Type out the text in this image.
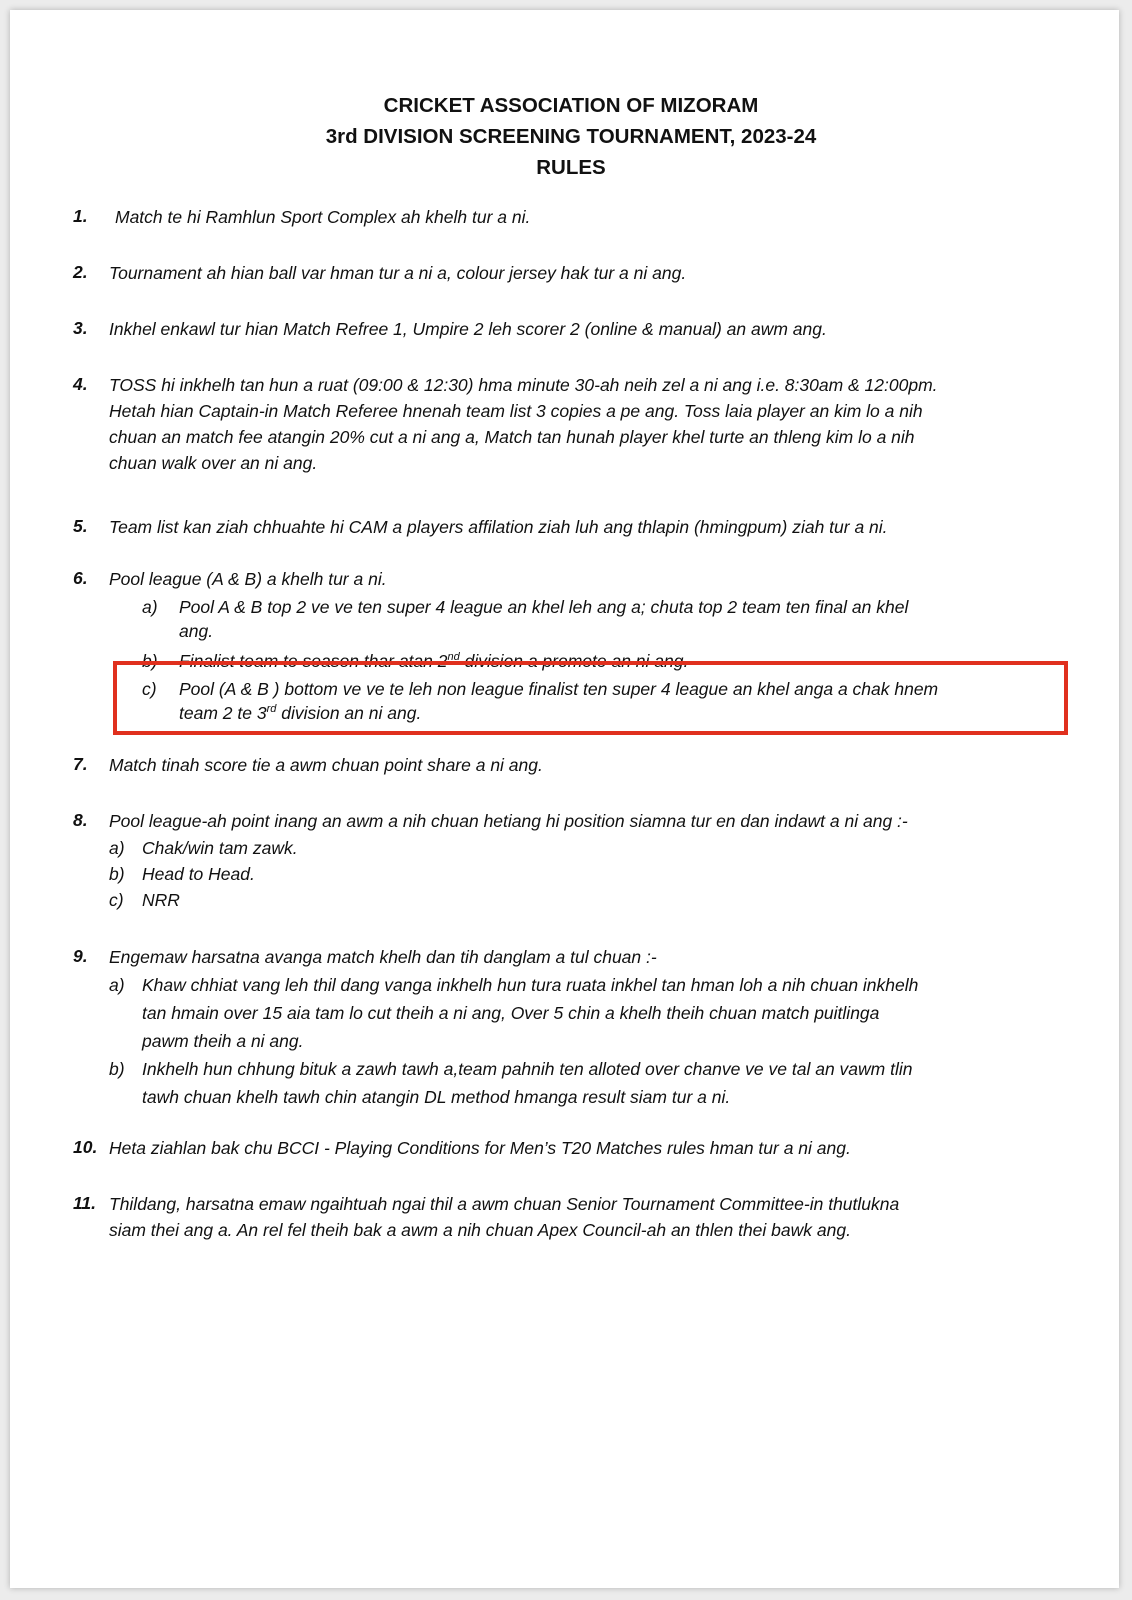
CRICKET ASSOCIATION OF MIZORAM
3rd DIVISION SCREENING TOURNAMENT, 2023-24
RULES
1. Match te hi Ramhlun Sport Complex ah khelh tur a ni.
2. Tournament ah hian ball var hman tur a ni a, colour jersey hak tur a ni ang.
3. Inkhel enkawl tur hian Match Refree 1, Umpire 2 leh scorer 2 (online & manual) an awm ang.
4. TOSS hi inkhelh tan hun a ruat (09:00 & 12:30) hma minute 30-ah neih zel a ni ang i.e. 8:30am & 12:00pm.
Hetah hian Captain-in Match Referee hnenah team list 3 copies a pe ang. Toss laia player an kim lo a nih
chuan an match fee atangin 20% cut a ni ang a, Match tan hunah player khel turte an thleng kim lo a nih
chuan walk over an ni ang.
5. Team list kan ziah chhuahte hi CAM a players affilation ziah luh ang thlapin (hmingpum) ziah tur a ni.
6. Pool league (A & B) a khelh tur a ni.
a) Pool A & B top 2 ve ve ten super 4 league an khel leh ang a; chuta top 2 team ten final an khel
ang.
b) Finalist team te season thar atan 2nd division a promote an ni ang.
c) Pool (A & B ) bottom ve ve te leh non league finalist ten super 4 league an khel anga a chak hnem
team 2 te 3rd division an ni ang.
7. Match tinah score tie a awm chuan point share a ni ang.
8. Pool league-ah point inang an awm a nih chuan hetiang hi position siamna tur en dan indawt a ni ang :-
a) Chak/win tam zawk.
b) Head to Head.
c) NRR
9. Engemaw harsatna avanga match khelh dan tih danglam a tul chuan :-
a) Khaw chhiat vang leh thil dang vanga inkhelh hun tura ruata inkhel tan hman loh a nih chuan inkhelh
tan hmain over 15 aia tam lo cut theih a ni ang, Over 5 chin a khelh theih chuan match puitlinga
pawm theih a ni ang.
b) Inkhelh hun chhung bituk a zawh tawh a,team pahnih ten alloted over chanve ve ve tal an vawm tlin
tawh chuan khelh tawh chin atangin DL method hmanga result siam tur a ni.
10. Heta ziahlan bak chu BCCI - Playing Conditions for Men’s T20 Matches rules hman tur a ni ang.
11. Thildang, harsatna emaw ngaihtuah ngai thil a awm chuan Senior Tournament Committee-in thutlukna
siam thei ang a. An rel fel theih bak a awm a nih chuan Apex Council-ah an thlen thei bawk ang.
